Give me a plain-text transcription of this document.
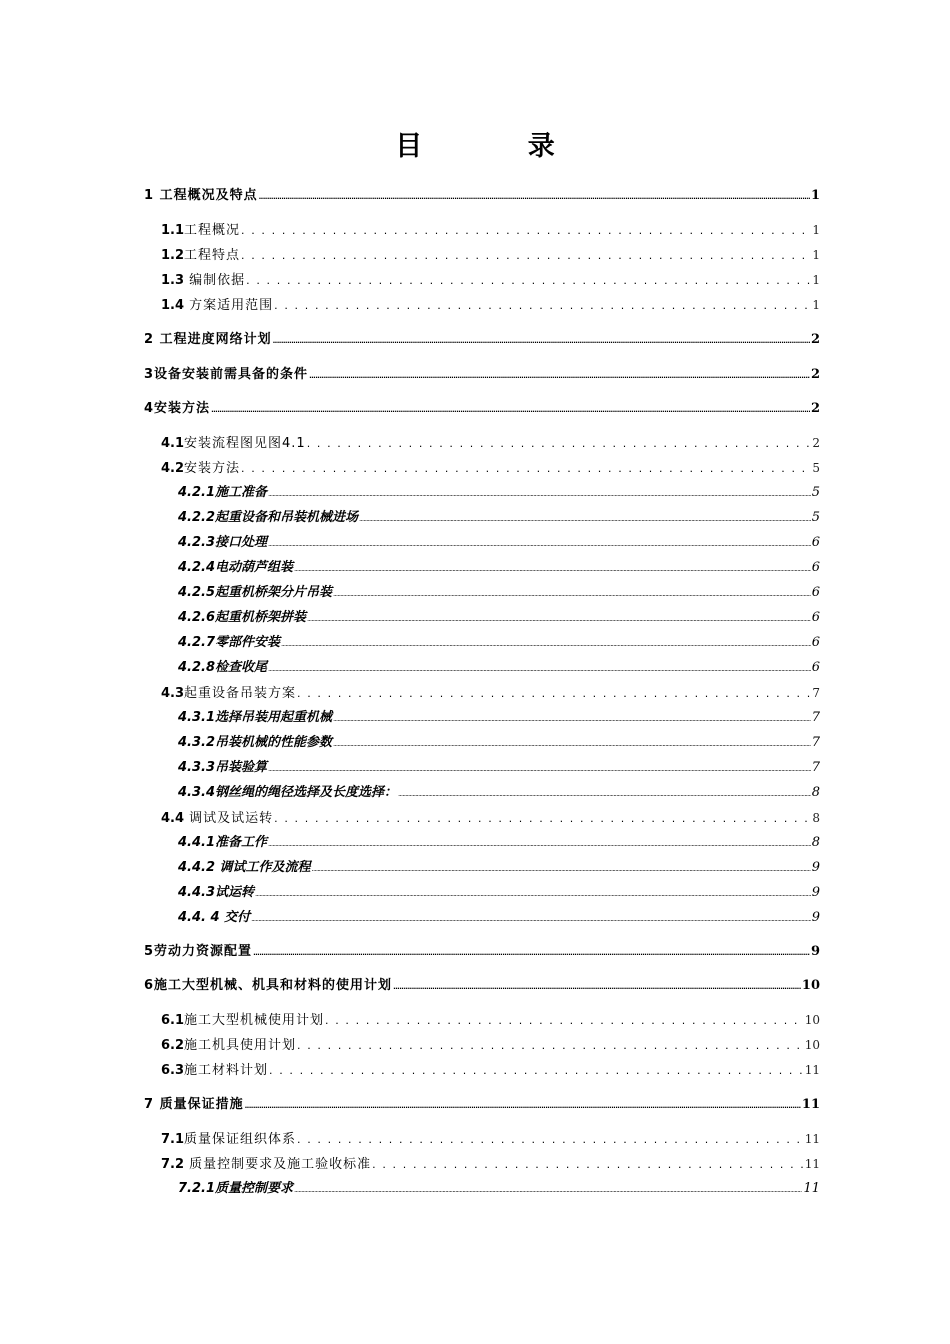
目 录
1 工程概况及特点 .....	1
1.1工程概况 . . .	1
1.2工程特点 . . .	1
1.3 编制依据 . . .	1
1.4 方案适用范围 . . .	1
2 工程进度网络计划 .....	2
3设备安装前需具备的条件 .....	2
4安装方法 .....	2
4.1安装流程图见图4.1 . . .	2
4.2安装方法 . . .	5
4.2.1施工准备 .....	5
4.2.2起重设备和吊装机械进场 .....	5
4.2.3接口处理 .....	6
4.2.4电动葫芦组装 .....	6
4.2.5起重机桥架分片吊装 .....	6
4.2.6起重机桥架拼装 .....	6
4.2.7零部件安装 .....	6
4.2.8检查收尾 .....	6
4.3起重设备吊装方案 . . .	7
4.3.1选择吊装用起重机械 .....	7
4.3.2吊装机械的性能参数 .....	7
4.3.3吊装验算 .....	7
4.3.4钢丝绳的绳径选择及长度选择： .....	8
4.4 调试及试运转 . . .	8
4.4.1准备工作 .....	8
4.4.2 调试工作及流程 .....	9
4.4.3试运转 .....	9
4.4. 4 交付 .....	9
5劳动力资源配置 .....	9
6施工大型机械、机具和材料的使用计划 .....	10
6.1施工大型机械使用计划 . . .	10
6.2施工机具使用计划 . . .	10
6.3施工材料计划 . . .	11
7 质量保证措施 .....	11
7.1质量保证组织体系 . . .	11
7.2 质量控制要求及施工验收标准 . . .	11
7.2.1质量控制要求 .....	11
